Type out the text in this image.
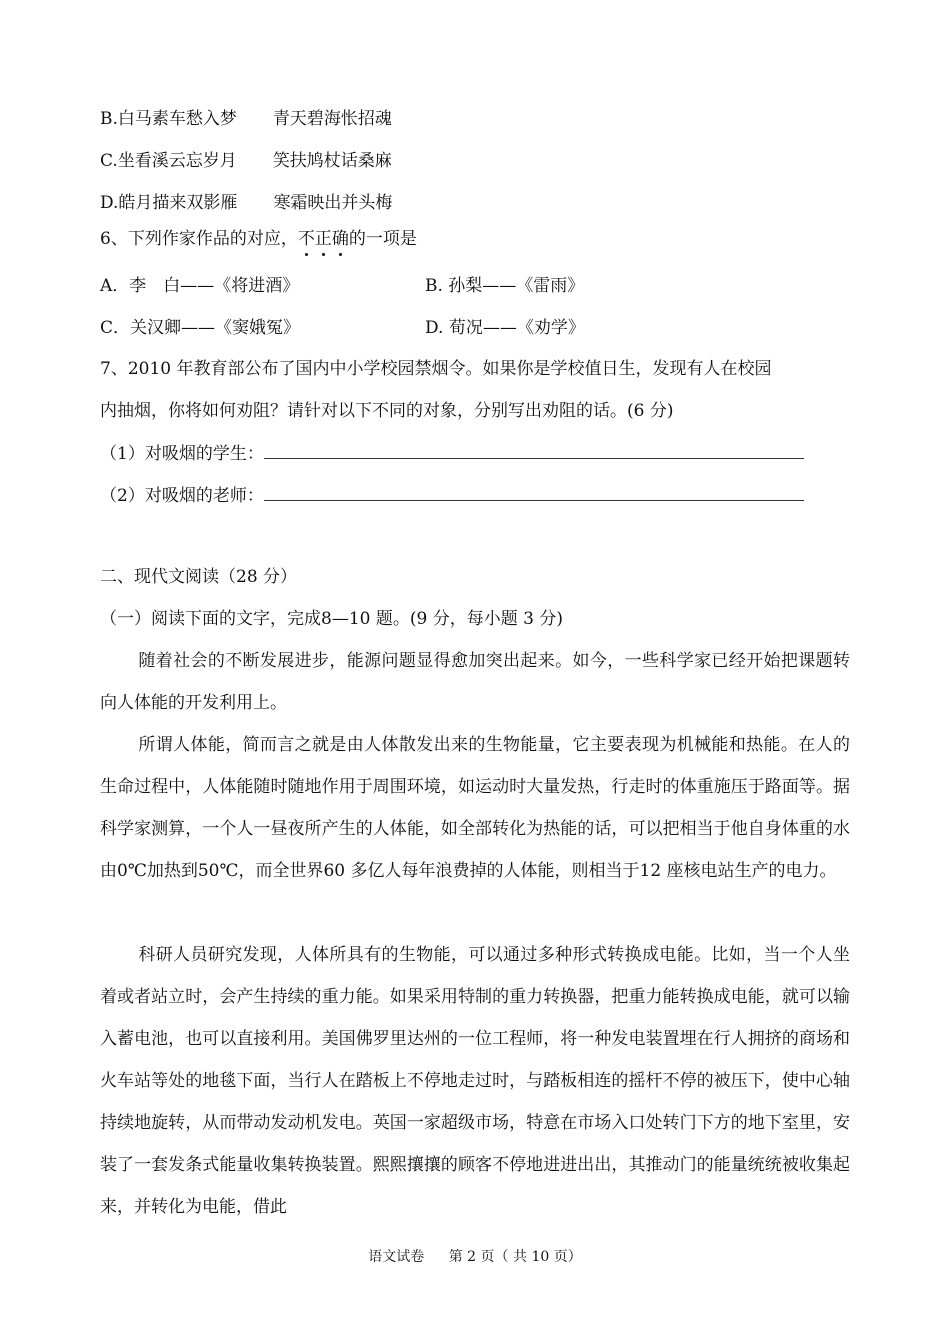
B.白马素车愁入梦 青天碧海怅招魂
C.坐看溪云忘岁月 笑扶鸠杖话桑麻
D.皓月描来双影雁 寒霜映出并头梅
6、下列作家作品的对应，不正确的一项是
A．李　白——《将进酒》	B. 孙梨——《雷雨》
C．关汉卿——《窦娥冤》	D. 荀况——《劝学》
7、2010 年教育部公布了国内中小学校园禁烟令。如果你是学校值日生，发现有人在校园
内抽烟，你将如何劝阻？请针对以下不同的对象，分别写出劝阻的话。(6 分)
（1）对吸烟的学生：
（2）对吸烟的老师：
二、现代文阅读（28 分）
（一）阅读下面的文字，完成8—10 题。(9 分，每小题 3 分)
随着社会的不断发展进步，能源问题显得愈加突出起来。如今，一些科学家已经开始把课题转向人体能的开发利用上。
所谓人体能，简而言之就是由人体散发出来的生物能量，它主要表现为机械能和热能。在人的生命过程中，人体能随时随地作用于周围环境，如运动时大量发热，行走时的体重施压于路面等。据科学家测算，一个人一昼夜所产生的人体能，如全部转化为热能的话，可以把相当于他自身体重的水由0℃加热到50℃，而全世界60 多亿人每年浪费掉的人体能，则相当于12 座核电站生产的电力。
科研人员研究发现，人体所具有的生物能，可以通过多种形式转换成电能。比如，当一个人坐着或者站立时，会产生持续的重力能。如果采用特制的重力转换器，把重力能转换成电能，就可以输入蓄电池，也可以直接利用。美国佛罗里达州的一位工程师，将一种发电装置埋在行人拥挤的商场和火车站等处的地毯下面，当行人在踏板上不停地走过时，与踏板相连的摇杆不停的被压下，使中心轴持续地旋转，从而带动发动机发电。英国一家超级市场，特意在市场入口处转门下方的地下室里，安装了一套发条式能量收集转换装置。熙熙攘攘的顾客不停地进进出出，其推动门的能量统统被收集起来，并转化为电能，借此
语文试卷 第 2 页（ 共 10 页）
